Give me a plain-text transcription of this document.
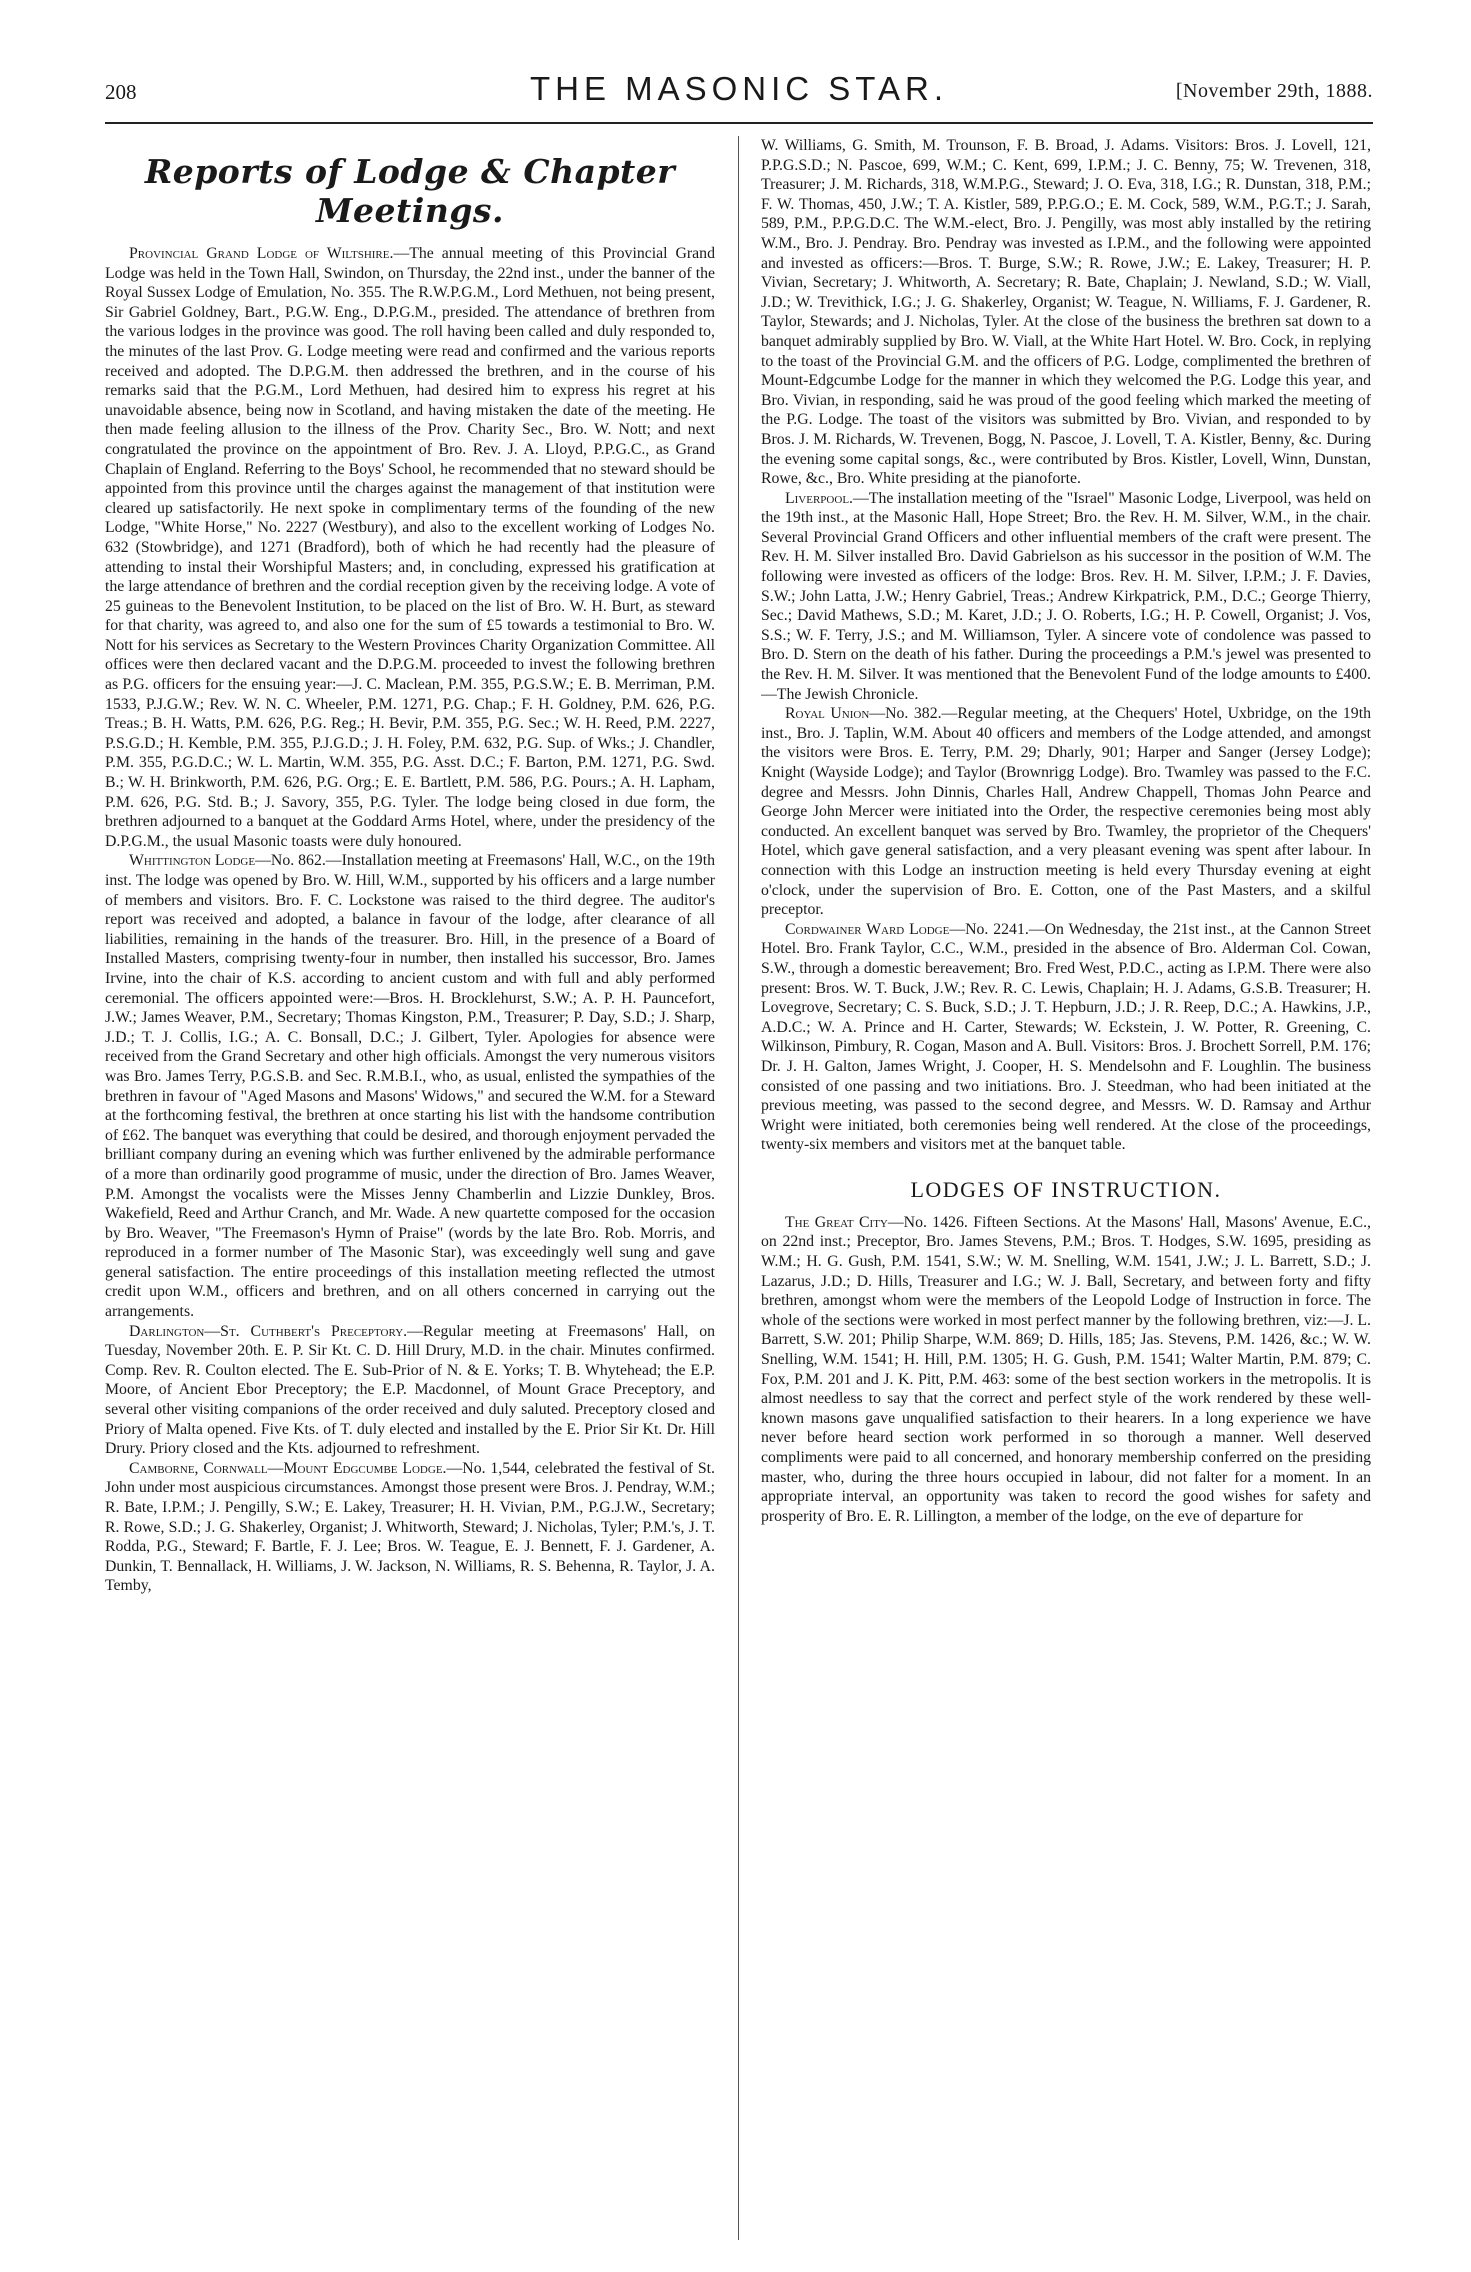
208	THE MASONIC STAR.	[November 29th, 1888.
Reports of Lodge & Chapter Meetings.

Provincial Grand Lodge of Wiltshire.—The annual meeting of this Provincial Grand Lodge was held in the Town Hall, Swindon, on Thursday, the 22nd inst., under the banner of the Royal Sussex Lodge of Emulation, No. 355. The R.W.P.G.M., Lord Methuen, not being present, Sir Gabriel Goldney, Bart., P.G.W. Eng., D.P.G.M., presided. The attendance of brethren from the various lodges in the province was good. The roll having been called and duly responded to, the minutes of the last Prov. G. Lodge meeting were read and confirmed and the various reports received and adopted. The D.P.G.M. then addressed the brethren, and in the course of his remarks said that the P.G.M., Lord Methuen, had desired him to express his regret at his unavoidable absence, being now in Scotland, and having mistaken the date of the meeting. He then made feeling allusion to the illness of the Prov. Charity Sec., Bro. W. Nott; and next congratulated the province on the appointment of Bro. Rev. J. A. Lloyd, P.P.G.C., as Grand Chaplain of England. Referring to the Boys' School, he recommended that no steward should be appointed from this province until the charges against the management of that institution were cleared up satisfactorily. He next spoke in complimentary terms of the founding of the new Lodge, "White Horse," No. 2227 (Westbury), and also to the excellent working of Lodges No. 632 (Stowbridge), and 1271 (Bradford), both of which he had recently had the pleasure of attending to instal their Worshipful Masters; and, in concluding, expressed his gratification at the large attendance of brethren and the cordial reception given by the receiving lodge. A vote of 25 guineas to the Benevolent Institution, to be placed on the list of Bro. W. H. Burt, as steward for that charity, was agreed to, and also one for the sum of £5 towards a testimonial to Bro. W. Nott for his services as Secretary to the Western Provinces Charity Organization Committee. All offices were then declared vacant and the D.P.G.M. proceeded to invest the following brethren as P.G. officers for the ensuing year:—J. C. Maclean, P.M. 355, P.G.S.W.; E. B. Merriman, P.M. 1533, P.J.G.W.; Rev. W. N. C. Wheeler, P.M. 1271, P.G. Chap.; F. H. Goldney, P.M. 626, P.G. Treas.; B. H. Watts, P.M. 626, P.G. Reg.; H. Bevir, P.M. 355, P.G. Sec.; W. H. Reed, P.M. 2227, P.S.G.D.; H. Kemble, P.M. 355, P.J.G.D.; J. H. Foley, P.M. 632, P.G. Sup. of Wks.; J. Chandler, P.M. 355, P.G.D.C.; W. L. Martin, W.M. 355, P.G. Asst. D.C.; F. Barton, P.M. 1271, P.G. Swd. B.; W. H. Brinkworth, P.M. 626, P.G. Org.; E. E. Bartlett, P.M. 586, P.G. Pours.; A. H. Lapham, P.M. 626, P.G. Std. B.; J. Savory, 355, P.G. Tyler. The lodge being closed in due form, the brethren adjourned to a banquet at the Goddard Arms Hotel, where, under the presidency of the D.P.G.M., the usual Masonic toasts were duly honoured.

Whittington Lodge—No. 862.—Installation meeting at Freemasons' Hall, W.C., on the 19th inst. The lodge was opened by Bro. W. Hill, W.M., supported by his officers and a large number of members and visitors. Bro. F. C. Lockstone was raised to the third degree. The auditor's report was received and adopted, a balance in favour of the lodge, after clearance of all liabilities, remaining in the hands of the treasurer. Bro. Hill, in the presence of a Board of Installed Masters, comprising twenty-four in number, then installed his successor, Bro. James Irvine, into the chair of K.S. according to ancient custom and with full and ably performed ceremonial. The officers appointed were:—Bros. H. Brocklehurst, S.W.; A. P. H. Pauncefort, J.W.; James Weaver, P.M., Secretary; Thomas Kingston, P.M., Treasurer; P. Day, S.D.; J. Sharp, J.D.; T. J. Collis, I.G.; A. C. Bonsall, D.C.; J. Gilbert, Tyler. Apologies for absence were received from the Grand Secretary and other high officials. Amongst the very numerous visitors was Bro. James Terry, P.G.S.B. and Sec. R.M.B.I., who, as usual, enlisted the sympathies of the brethren in favour of "Aged Masons and Masons' Widows," and secured the W.M. for a Steward at the forthcoming festival, the brethren at once starting his list with the handsome contribution of £62. The banquet was everything that could be desired, and thorough enjoyment pervaded the brilliant company during an evening which was further enlivened by the admirable performance of a more than ordinarily good programme of music, under the direction of Bro. James Weaver, P.M. Amongst the vocalists were the Misses Jenny Chamberlin and Lizzie Dunkley, Bros. Wakefield, Reed and Arthur Cranch, and Mr. Wade. A new quartette composed for the occasion by Bro. Weaver, "The Freemason's Hymn of Praise" (words by the late Bro. Rob. Morris, and reproduced in a former number of The Masonic Star), was exceedingly well sung and gave general satisfaction. The entire proceedings of this installation meeting reflected the utmost credit upon W.M., officers and brethren, and on all others concerned in carrying out the arrangements.

Darlington—St. Cuthbert's Preceptory.—Regular meeting at Freemasons' Hall, on Tuesday, November 20th. E. P. Sir Kt. C. D. Hill Drury, M.D. in the chair. Minutes confirmed. Comp. Rev. R. Coulton elected. The E. Sub-Prior of N. & E. Yorks; T. B. Whytehead; the E.P. Moore, of Ancient Ebor Preceptory; the E.P. Macdonnel, of Mount Grace Preceptory, and several other visiting companions of the order received and duly saluted. Preceptory closed and Priory of Malta opened. Five Kts. of T. duly elected and installed by the E. Prior Sir Kt. Dr. Hill Drury. Priory closed and the Kts. adjourned to refreshment.

Camborne, Cornwall—Mount Edgcumbe Lodge.—No. 1,544, celebrated the festival of St. John under most auspicious circumstances. Amongst those present were Bros. J. Pendray, W.M.; R. Bate, I.P.M.; J. Pengilly, S.W.; E. Lakey, Treasurer; H. H. Vivian, P.M., P.G.J.W., Secretary; R. Rowe, S.D.; J. G. Shakerley, Organist; J. Whitworth, Steward; J. Nicholas, Tyler; P.M.'s, J. T. Rodda, P.G., Steward; F. Bartle, F. J. Lee; Bros. W. Teague, E. J. Bennett, F. J. Gardener, A. Dunkin, T. Bennallack, H. Williams, J. W. Jackson, N. Williams, R. S. Behenna, R. Taylor, J. A. Temby,

W. Williams, G. Smith, M. Trounson, F. B. Broad, J. Adams. Visitors: Bros. J. Lovell, 121, P.P.G.S.D.; N. Pascoe, 699, W.M.; C. Kent, 699, I.P.M.; J. C. Benny, 75; W. Trevenen, 318, Treasurer; J. M. Richards, 318, W.M.P.G., Steward; J. O. Eva, 318, I.G.; R. Dunstan, 318, P.M.; F. W. Thomas, 450, J.W.; T. A. Kistler, 589, P.P.G.O.; E. M. Cock, 589, W.M., P.G.T.; J. Sarah, 589, P.M., P.P.G.D.C. The W.M.-elect, Bro. J. Pengilly, was most ably installed by the retiring W.M., Bro. J. Pendray. Bro. Pendray was invested as I.P.M., and the following were appointed and invested as officers:—Bros. T. Burge, S.W.; R. Rowe, J.W.; E. Lakey, Treasurer; H. P. Vivian, Secretary; J. Whitworth, A. Secretary; R. Bate, Chaplain; J. Newland, S.D.; W. Viall, J.D.; W. Trevithick, I.G.; J. G. Shakerley, Organist; W. Teague, N. Williams, F. J. Gardener, R. Taylor, Stewards; and J. Nicholas, Tyler. At the close of the business the brethren sat down to a banquet admirably supplied by Bro. W. Viall, at the White Hart Hotel. W. Bro. Cock, in replying to the toast of the Provincial G.M. and the officers of P.G. Lodge, complimented the brethren of Mount-Edgcumbe Lodge for the manner in which they welcomed the P.G. Lodge this year, and Bro. Vivian, in responding, said he was proud of the good feeling which marked the meeting of the P.G. Lodge. The toast of the visitors was submitted by Bro. Vivian, and responded to by Bros. J. M. Richards, W. Trevenen, Bogg, N. Pascoe, J. Lovell, T. A. Kistler, Benny, &c. During the evening some capital songs, &c., were contributed by Bros. Kistler, Lovell, Winn, Dunstan, Rowe, &c., Bro. White presiding at the pianoforte.

Liverpool.—The installation meeting of the "Israel" Masonic Lodge, Liverpool, was held on the 19th inst., at the Masonic Hall, Hope Street; Bro. the Rev. H. M. Silver, W.M., in the chair. Several Provincial Grand Officers and other influential members of the craft were present. The Rev. H. M. Silver installed Bro. David Gabrielson as his successor in the position of W.M. The following were invested as officers of the lodge: Bros. Rev. H. M. Silver, I.P.M.; J. F. Davies, S.W.; John Latta, J.W.; Henry Gabriel, Treas.; Andrew Kirkpatrick, P.M., D.C.; George Thierry, Sec.; David Mathews, S.D.; M. Karet, J.D.; J. O. Roberts, I.G.; H. P. Cowell, Organist; J. Vos, S.S.; W. F. Terry, J.S.; and M. Williamson, Tyler. A sincere vote of condolence was passed to Bro. D. Stern on the death of his father. During the proceedings a P.M.'s jewel was presented to the Rev. H. M. Silver. It was mentioned that the Benevolent Fund of the lodge amounts to £400.—The Jewish Chronicle.

Royal Union—No. 382.—Regular meeting, at the Chequers' Hotel, Uxbridge, on the 19th inst., Bro. J. Taplin, W.M. About 40 officers and members of the Lodge attended, and amongst the visitors were Bros. E. Terry, P.M. 29; Dharly, 901; Harper and Sanger (Jersey Lodge); Knight (Wayside Lodge); and Taylor (Brownrigg Lodge). Bro. Twamley was passed to the F.C. degree and Messrs. John Dinnis, Charles Hall, Andrew Chappell, Thomas John Pearce and George John Mercer were initiated into the Order, the respective ceremonies being most ably conducted. An excellent banquet was served by Bro. Twamley, the proprietor of the Chequers' Hotel, which gave general satisfaction, and a very pleasant evening was spent after labour. In connection with this Lodge an instruction meeting is held every Thursday evening at eight o'clock, under the supervision of Bro. E. Cotton, one of the Past Masters, and a skilful preceptor.

Cordwainer Ward Lodge—No. 2241.—On Wednesday, the 21st inst., at the Cannon Street Hotel. Bro. Frank Taylor, C.C., W.M., presided in the absence of Bro. Alderman Col. Cowan, S.W., through a domestic bereavement; Bro. Fred West, P.D.C., acting as I.P.M. There were also present: Bros. W. T. Buck, J.W.; Rev. R. C. Lewis, Chaplain; H. J. Adams, G.S.B. Treasurer; H. Lovegrove, Secretary; C. S. Buck, S.D.; J. T. Hepburn, J.D.; J. R. Reep, D.C.; A. Hawkins, J.P., A.D.C.; W. A. Prince and H. Carter, Stewards; W. Eckstein, J. W. Potter, R. Greening, C. Wilkinson, Pimbury, R. Cogan, Mason and A. Bull. Visitors: Bros. J. Brochett Sorrell, P.M. 176; Dr. J. H. Galton, James Wright, J. Cooper, H. S. Mendelsohn and F. Loughlin. The business consisted of one passing and two initiations. Bro. J. Steedman, who had been initiated at the previous meeting, was passed to the second degree, and Messrs. W. D. Ramsay and Arthur Wright were initiated, both ceremonies being well rendered. At the close of the proceedings, twenty-six members and visitors met at the banquet table.

LODGES OF INSTRUCTION.

The Great City—No. 1426. Fifteen Sections. At the Masons' Hall, Masons' Avenue, E.C., on 22nd inst.; Preceptor, Bro. James Stevens, P.M.; Bros. T. Hodges, S.W. 1695, presiding as W.M.; H. G. Gush, P.M. 1541, S.W.; W. M. Snelling, W.M. 1541, J.W.; J. L. Barrett, S.D.; J. Lazarus, J.D.; D. Hills, Treasurer and I.G.; W. J. Ball, Secretary, and between forty and fifty brethren, amongst whom were the members of the Leopold Lodge of Instruction in force. The whole of the sections were worked in most perfect manner by the following brethren, viz:—J. L. Barrett, S.W. 201; Philip Sharpe, W.M. 869; D. Hills, 185; Jas. Stevens, P.M. 1426, &c.; W. W. Snelling, W.M. 1541; H. Hill, P.M. 1305; H. G. Gush, P.M. 1541; Walter Martin, P.M. 879; C. Fox, P.M. 201 and J. K. Pitt, P.M. 463: some of the best section workers in the metropolis. It is almost needless to say that the correct and perfect style of the work rendered by these well-known masons gave unqualified satisfaction to their hearers. In a long experience we have never before heard section work performed in so thorough a manner. Well deserved compliments were paid to all concerned, and honorary membership conferred on the presiding master, who, during the three hours occupied in labour, did not falter for a moment. In an appropriate interval, an opportunity was taken to record the good wishes for safety and prosperity of Bro. E. R. Lillington, a member of the lodge, on the eve of departure for
